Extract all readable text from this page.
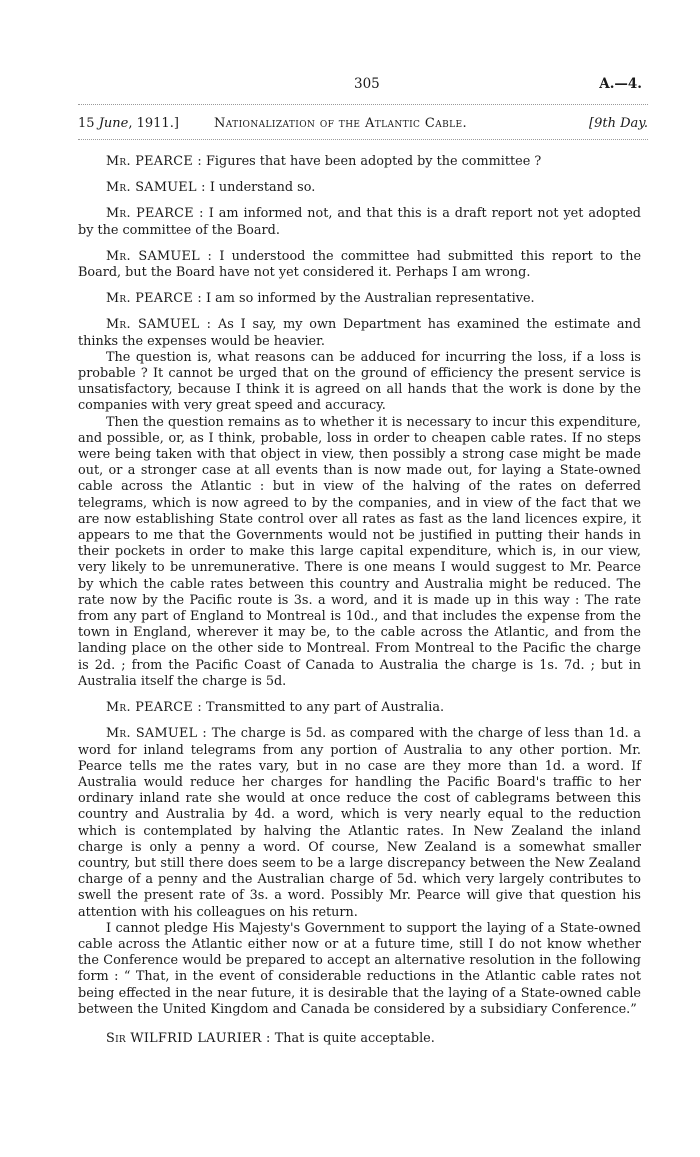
305	A.—4.
15 June, 1911.]	Nationalization of the Atlantic Cable.	[9th Day.

Mr. PEARCE : Figures that have been adopted by the committee ?

Mr. SAMUEL : I understand so.

Mr. PEARCE : I am informed not, and that this is a draft report not yet adopted by the committee of the Board.

Mr. SAMUEL : I understood the committee had submitted this report to the Board, but the Board have not yet considered it. Perhaps I am wrong.

Mr. PEARCE : I am so informed by the Australian representative.

Mr. SAMUEL : As I say, my own Department has examined the estimate and thinks the expenses would be heavier.

The question is, what reasons can be adduced for incurring the loss, if a loss is probable ? It cannot be urged that on the ground of efficiency the present service is unsatisfactory, because I think it is agreed on all hands that the work is done by the companies with very great speed and accuracy.

Then the question remains as to whether it is necessary to incur this expenditure, and possible, or, as I think, probable, loss in order to cheapen cable rates. If no steps were being taken with that object in view, then possibly a strong case might be made out, or a stronger case at all events than is now made out, for laying a State-owned cable across the Atlantic : but in view of the halving of the rates on deferred telegrams, which is now agreed to by the companies, and in view of the fact that we are now establishing State control over all rates as fast as the land licences expire, it appears to me that the Governments would not be justified in putting their hands in their pockets in order to make this large capital expenditure, which is, in our view, very likely to be unremunerative. There is one means I would suggest to Mr. Pearce by which the cable rates between this country and Australia might be reduced. The rate now by the Pacific route is 3s. a word, and it is made up in this way : The rate from any part of England to Montreal is 10d., and that includes the expense from the town in England, wherever it may be, to the cable across the Atlantic, and from the landing place on the other side to Montreal. From Montreal to the Pacific the charge is 2d. ; from the Pacific Coast of Canada to Australia the charge is 1s. 7d. ; but in Australia itself the charge is 5d.

Mr. PEARCE : Transmitted to any part of Australia.

Mr. SAMUEL : The charge is 5d. as compared with the charge of less than 1d. a word for inland telegrams from any portion of Australia to any other portion. Mr. Pearce tells me the rates vary, but in no case are they more than 1d. a word. If Australia would reduce her charges for handling the Pacific Board's traffic to her ordinary inland rate she would at once reduce the cost of cablegrams between this country and Australia by 4d. a word, which is very nearly equal to the reduction which is contemplated by halving the Atlantic rates. In New Zealand the inland charge is only a penny a word. Of course, New Zealand is a somewhat smaller country, but still there does seem to be a large discrepancy between the New Zealand charge of a penny and the Australian charge of 5d. which very largely contributes to swell the present rate of 3s. a word. Possibly Mr. Pearce will give that question his attention with his colleagues on his return.

I cannot pledge His Majesty's Government to support the laying of a State-owned cable across the Atlantic either now or at a future time, still I do not know whether the Conference would be prepared to accept an alternative resolution in the following form : “ That, in the event of considerable reductions in the Atlantic cable rates not being effected in the near future, it is desirable that the laying of a State-owned cable between the United Kingdom and Canada be considered by a subsidiary Conference.”

Sir WILFRID LAURIER : That is quite acceptable.
